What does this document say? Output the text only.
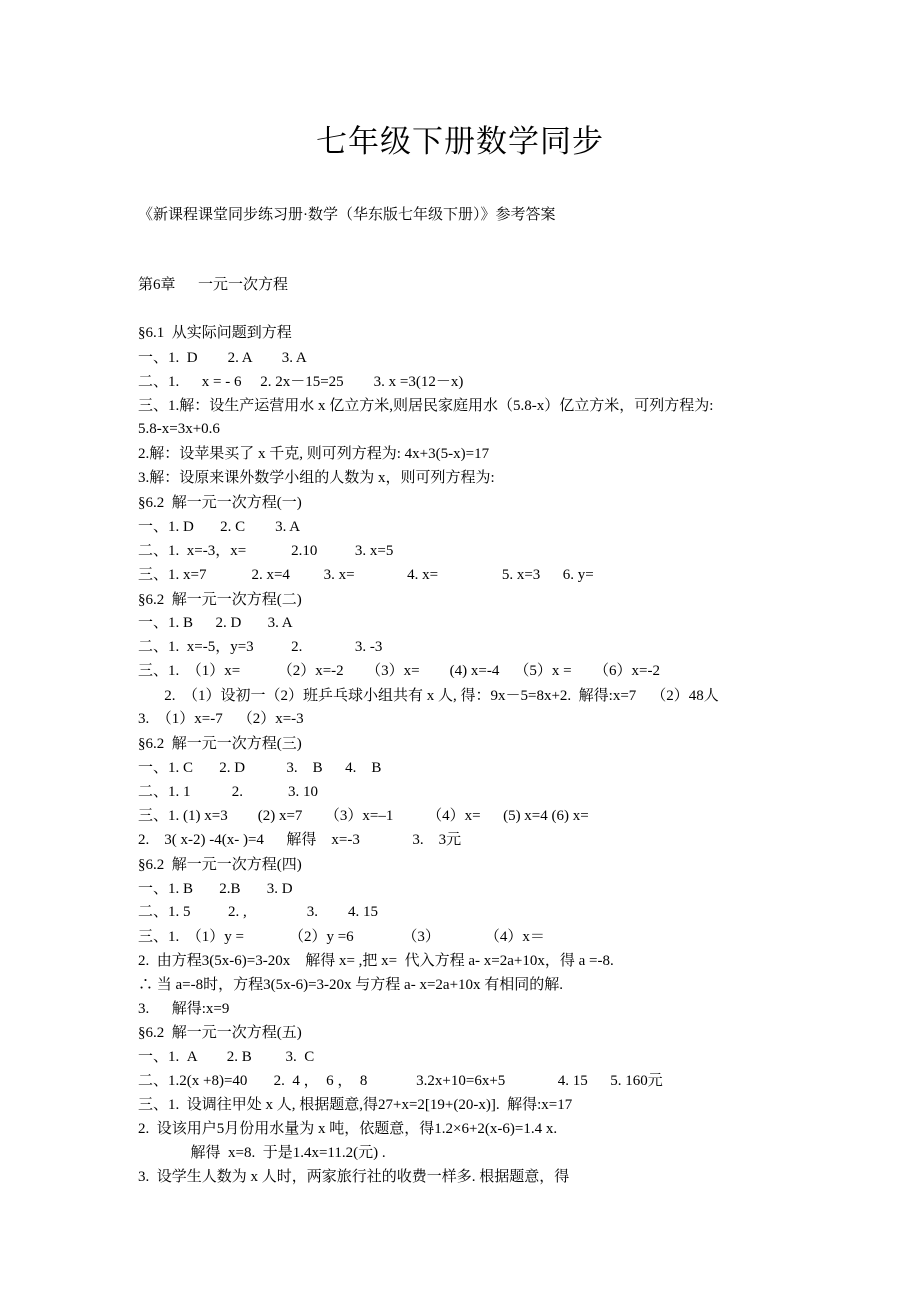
七年级下册数学同步

《新课程课堂同步练习册·数学（华东版七年级下册）》参考答案

第6章      一元一次方程

§6.1  从实际问题到方程

一、1.  D        2. A        3. A

二、1.      x = - 6     2. 2x－15=25        3. x =3(12－x)

三、1.解：设生产运营用水 x 亿立方米,则居民家庭用水（5.8-x）亿立方米，可列方程为:

5.8-x=3x+0.6

2.解：设苹果买了 x 千克, 则可列方程为: 4x+3(5-x)=17

3.解：设原来课外数学小组的人数为 x，则可列方程为:

§6.2  解一元一次方程(一)

一、1. D       2. C        3. A

二、1.  x=-3，x=            2.10          3. x=5

三、1. x=7            2. x=4         3. x=              4. x=                 5. x=3      6. y=

§6.2  解一元一次方程(二)

一、1. B      2. D       3. A

二、1.  x=-5，y=3          2.              3. -3

三、1.  （1）x=          （2）x=-2      （3）x=        (4) x=-4    （5）x =      （6）x=-2

2.  （1）设初一（2）班乒乓球小组共有 x 人, 得：9x－5=8x+2.  解得:x=7    （2）48人

3.  （1）x=-7    （2）x=-3

§6.2  解一元一次方程(三)

一、1. C       2. D           3.    B      4.    B

二、1. 1           2.            3. 10

三、1. (1) x=3        (2) x=7      （3）x=–1         （4）x=      (5) x=4 (6) x=

2.    3( x-2) -4(x- )=4      解得    x=-3              3.    3元

§6.2  解一元一次方程(四)

一、1. B       2.B       3. D

二、1. 5          2. ,                3.        4. 15

三、1.  （1）y =            （2）y =6             （3）            （4）x＝

2.  由方程3(5x-6)=3-20x    解得 x= ,把 x=  代入方程 a- x=2a+10x，得 a =-8.

∴ 当 a=-8时，方程3(5x-6)=3-20x 与方程 a- x=2a+10x 有相同的解.

3.      解得:x=9

§6.2  解一元一次方程(五)

一、1.  A        2. B         3.  C

二、1.2(x +8)=40       2.  4 ，  6 ，  8             3.2x+10=6x+5              4. 15      5. 160元

三、1.  设调往甲处 x 人, 根据题意,得27+x=2[19+(20-x)].  解得:x=17

2.  设该用户5月份用水量为 x 吨，依题意，得1.2×6+2(x-6)=1.4 x.

解得  x=8.  于是1.4x=11.2(元) .

3.  设学生人数为 x 人时，两家旅行社的收费一样多. 根据题意，得
